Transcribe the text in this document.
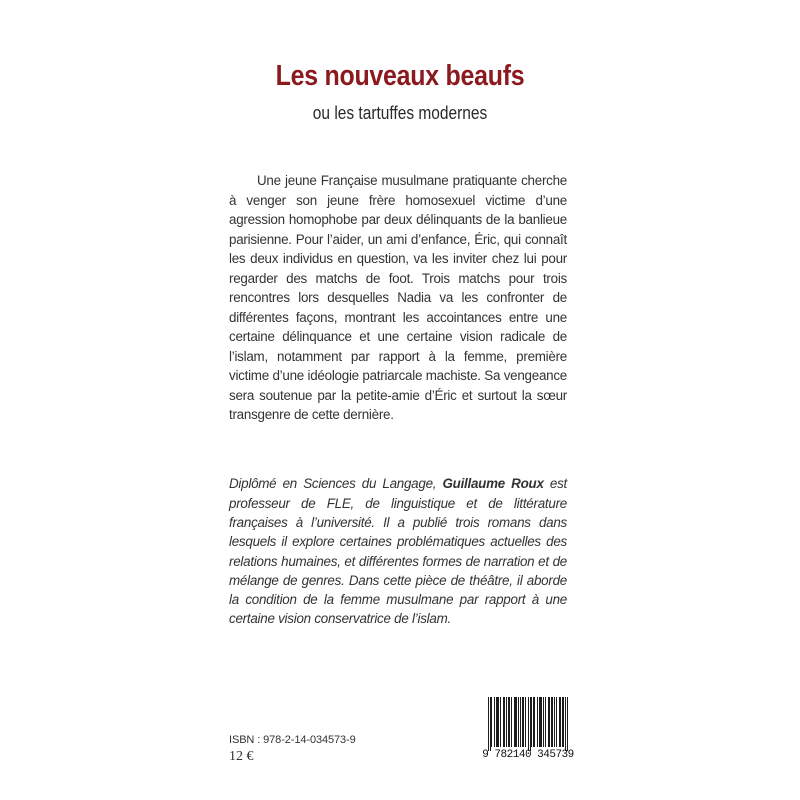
Les nouveaux beaufs
ou les tartuffes modernes

Une jeune Française musulmane pratiquante cherche à venger son jeune frère homosexuel victime d’une agression homophobe par deux délinquants de la banlieue parisienne. Pour l’aider, un ami d’enfance, Éric, qui connaît les deux individus en question, va les inviter chez lui pour regarder des matchs de foot. Trois matchs pour trois rencontres lors desquelles Nadia va les confronter de différentes façons, montrant les accointances entre une certaine délinquance et une certaine vision radicale de l’islam, notamment par rapport à la femme, première victime d’une idéologie patriarcale machiste. Sa vengeance sera soutenue par la petite-amie d’Éric et surtout la sœur transgenre de cette dernière.

Diplômé en Sciences du Langage, Guillaume Roux est professeur de FLE, de linguistique et de littérature françaises à l’université. Il a publié trois romans dans lesquels il explore certaines problématiques actuelles des relations humaines, et différentes formes de narration et de mélange de genres. Dans cette pièce de théâtre, il aborde la condition de la femme musulmane par rapport à une certaine vision conservatrice de l’islam.

ISBN : 978-2-14-034573-9
12 €	9 782140 345739
